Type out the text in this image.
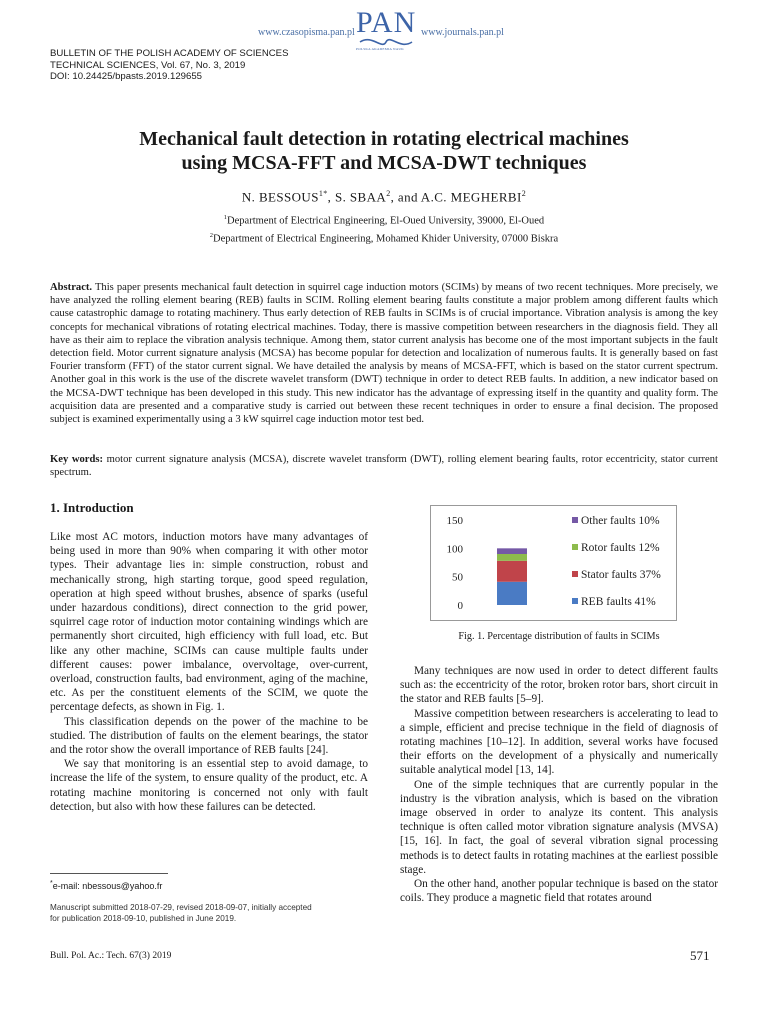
www.czasopisma.pan.pl PAN
POLSKA AKADEMIA NAUK
www.journals.pan.pl
BULLETIN OF THE POLISH ACADEMY OF SCIENCES
TECHNICAL SCIENCES, Vol. 67, No. 3, 2019
DOI: 10.24425/bpasts.2019.129655
Mechanical fault detection in rotating electrical machines
using MCSA-FFT and MCSA-DWT techniques
N. $BESSOUS^{1*}$, S. SBAA$^2$, and A.C. MEGHERBI$^2$
$^1$Department of Electrical Engineering, El-Oued University, 39000, El-Oued
$^2$Department of Electrical Engineering, Mohamed Khider University, 07000 Biskra
Abstract. This paper presents mechanical fault detection in squirrel cage induction motors (SCIMs) by means of two recent techniques. More precisely, we have analyzed the rolling element bearing (REB) faults in SCIM. Rolling element bearing faults constitute a major problem among different faults which cause catastrophic damage to rotating machinery. Thus early detection of REB faults in SCIMs is of crucial importance. Vibration analysis is among the key concepts for mechanical vibrations of rotating electrical machines. Today, there is massive competition between researchers in the diagnosis field. They all have as their aim to replace the vibration analysis technique. Among them, stator current analysis has become one of the most important subjects in the fault detection field. Motor current signature analysis (MCSA) has become popular for detection and localization of numerous faults. It is generally based on fast Fourier transform (FFT) of the stator current signal. We have detailed the analysis by means of MCSA-FFT, which is based on the stator current spectrum. Another goal in this work is the use of the discrete wavelet transform (DWT) technique in order to detect REB faults. In addition, a new indicator based on the MCSA-DWT technique has been developed in this study. This new indicator has the advantage of expressing itself in the quantity and quality form. The acquisition data are presented and a comparative study is carried out between these recent techniques in order to ensure a final decision. The proposed subject is examined experimentally using a 3 kW squirrel cage induction motor test bed.
Key words: motor current signature analysis (MCSA), discrete wavelet transform (DWT), rolling element bearing faults, rotor eccentricity, stator current spectrum.
1. Introduction

Like most AC motors, induction motors have many advantages of being used in more than 90% when comparing it with other motor types. Their advantage lies in: simple construction, robust and mechanically strong, high starting torque, good speed regulation, operation at high speed without brushes, absence of sparks (useful under hazardous conditions), direct connection to the grid power, squirrel cage rotor of induction motor containing windings which are permanently short circuited, high efficiency with full load, etc. But like any other machine, SCIMs can cause multiple faults under different causes: power imbalance, overvoltage, over-current, overload, construction faults, bad environment, aging of the machine, etc. As per the constituent elements of the SCIM, we quote the percentage defects, as shown in Fig. 1.

This classification depends on the power of the machine to be studied. The distribution of faults on the element bearings, the stator and the rotor show the overall importance of REB faults [24].

We say that monitoring is an essential step to avoid damage, to increase the life of the system, to ensure quality of the product, etc. A rotating machine monitoring is concerned not only with fault detection, but also with how these failures can be detected.

0
50
100
150	Other faults 10%
Rotor faults 12%
Stator faults 37%
REB faults 41%
Fig. 1. Percentage distribution of faults in SCIMs

Many techniques are now used in order to detect different faults such as: the eccentricity of the rotor, broken rotor bars, short circuit in the stator and REB faults [5–9].

Massive competition between researchers is accelerating to lead to a simple, efficient and precise technique in the field of diagnosis of rotating machines [10–12]. In addition, several works have focused their efforts on the development of a physically and numerically suitable analytical model [13, 14].

One of the simple techniques that are currently popular in the industry is the vibration analysis, which is based on the vibration image observed in order to analyze its content. This analysis technique is often called motor vibration signature analysis (MVSA) [15, 16]. In fact, the goal of several vibration signal processing methods is to detect faults in rotating machines at the earliest possible stage.

On the other hand, another popular technique is based on the stator coils. They produce a magnetic field that rotates around

*e-mail: nbessous@yahoo.fr
Manuscript submitted 2018-07-29, revised 2018-09-07, initially accepted
for publication 2018-09-10, published in June 2019.
Bull. Pol. Ac.: Tech. 67(3) 2019	571
